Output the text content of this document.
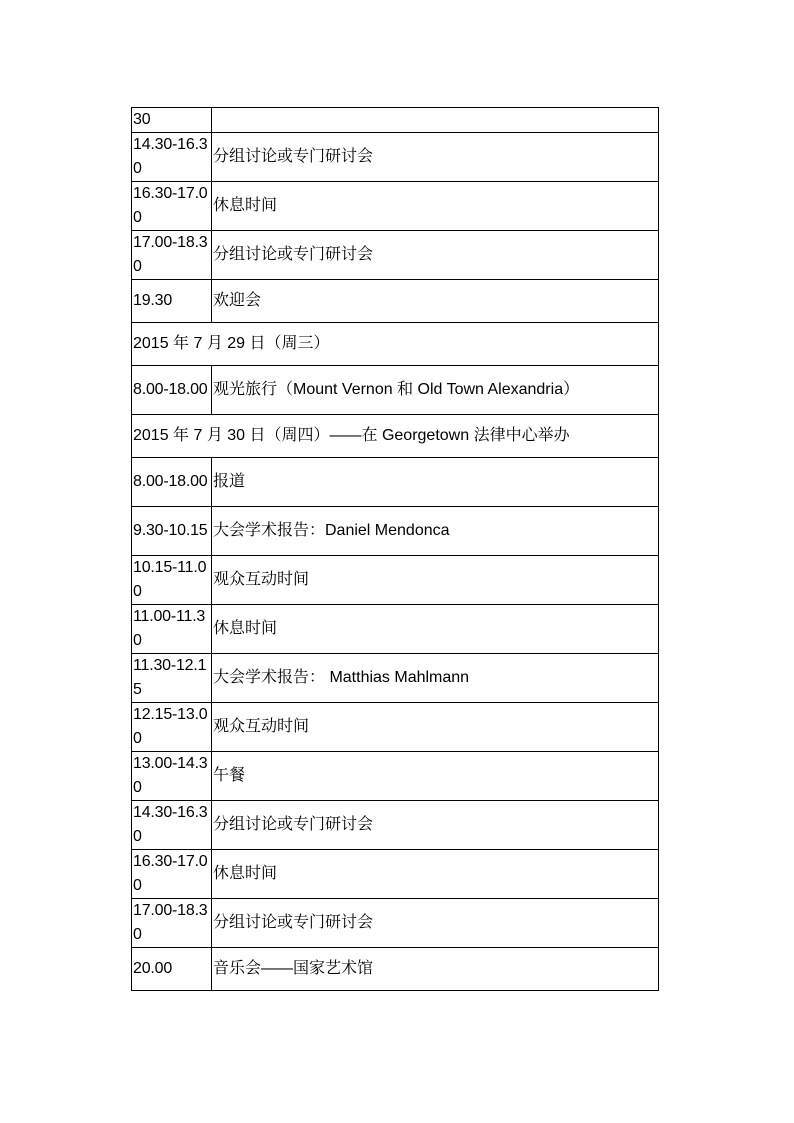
30	
14.30-16.30	分组讨论或专门研讨会
16.30-17.00	休息时间
17.00-18.30	分组讨论或专门研讨会
19.30	欢迎会
2015 年 7 月 29 日（周三）	
8.00-18.00	观光旅行（Mount Vernon 和 Old Town Alexandria）
2015 年 7 月 30 日（周四）——在 Georgetown 法律中心举办	
8.00-18.00	报道
9.30-10.15	大会学术报告：Daniel Mendonca
10.15-11.00	观众互动时间
11.00-11.30	休息时间
11.30-12.15	大会学术报告： Matthias Mahlmann
12.15-13.00	观众互动时间
13.00-14.30	午餐
14.30-16.30	分组讨论或专门研讨会
16.30-17.00	休息时间
17.00-18.30	分组讨论或专门研讨会
20.00	音乐会——国家艺术馆
